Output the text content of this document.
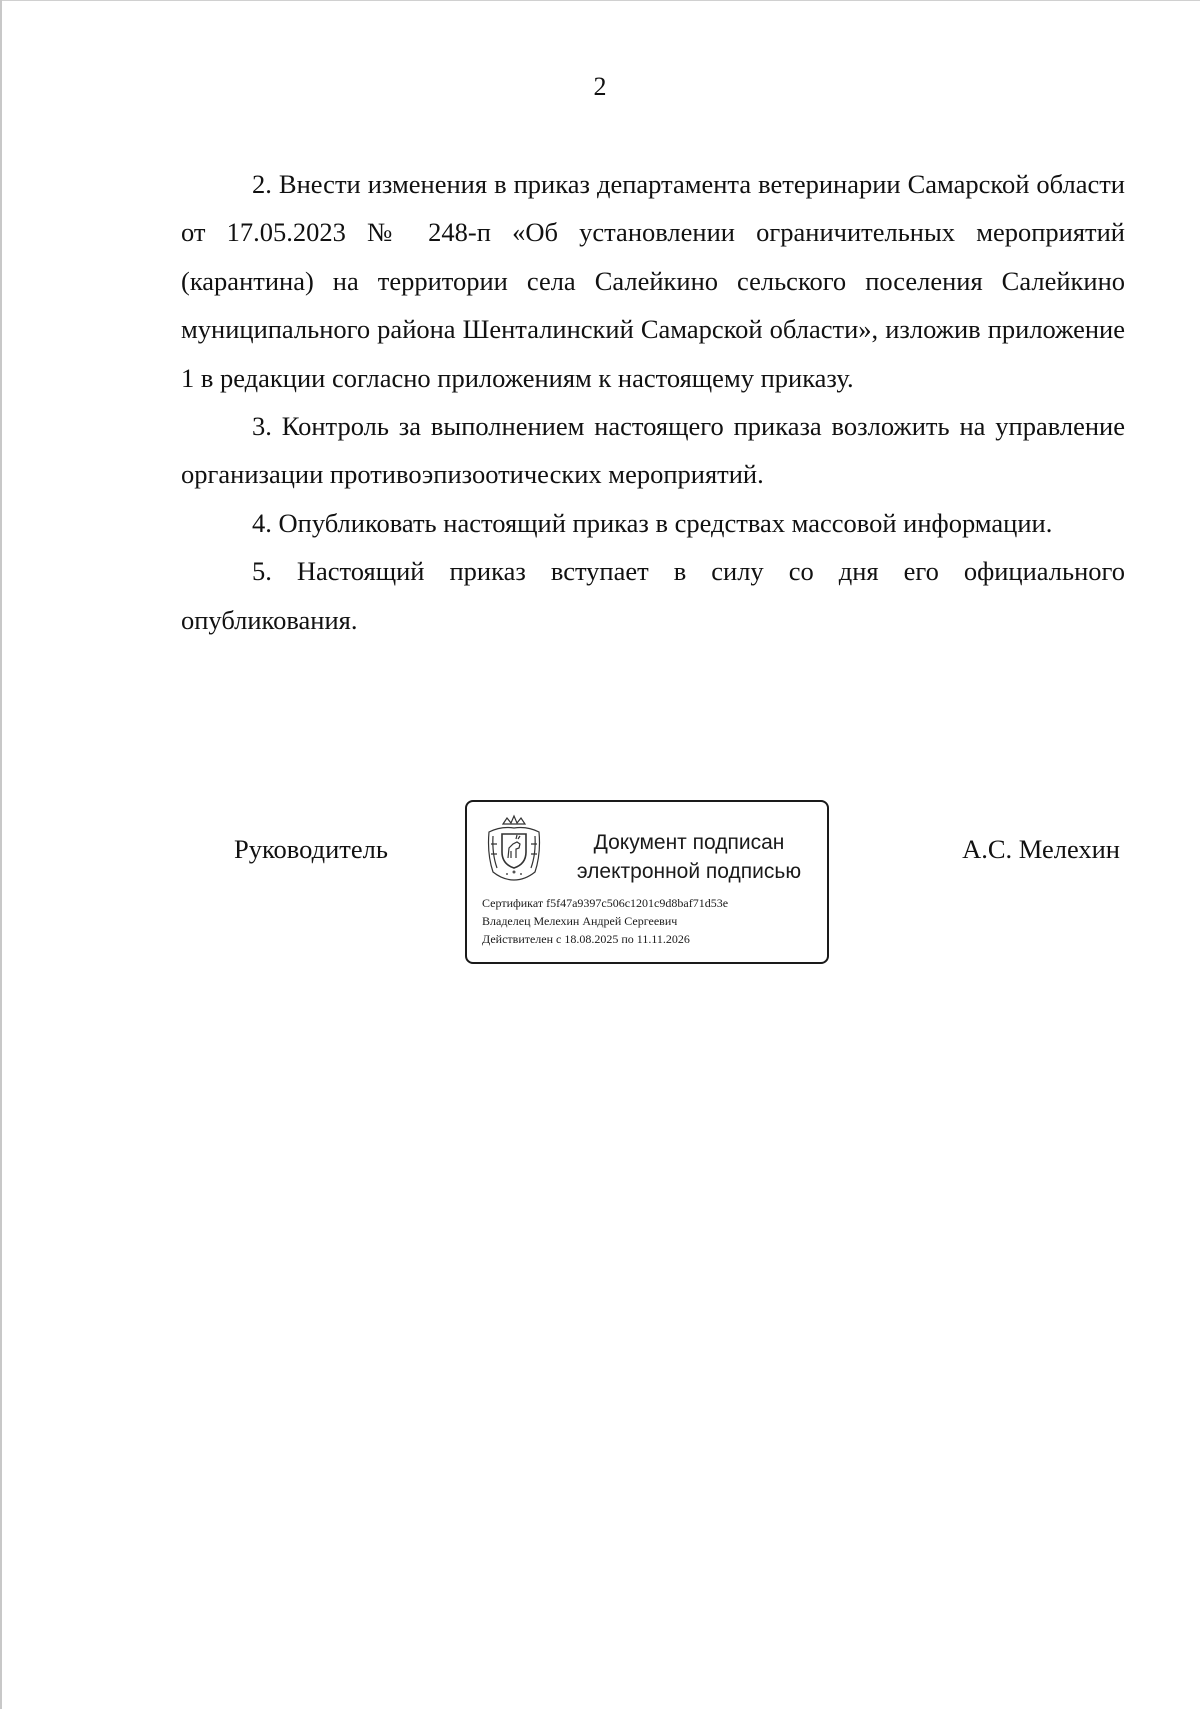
2

2. Внести изменения в приказ департамента ветеринарии Самарской области от 17.05.2023 № 248-п «Об установлении ограничительных мероприятий (карантина) на территории села Салейкино сельского поселения Салейкино муниципального района Шенталинский Самарской области», изложив приложение 1 в редакции согласно приложениям к настоящему приказу.

3. Контроль за выполнением настоящего приказа возложить на управление организации противоэпизоотических мероприятий.

4. Опубликовать настоящий приказ в средствах массовой информации.

5. Настоящий приказ вступает в силу со дня его официального опубликования.

Руководитель	Документ подписан
электронной подписью
Сертификат f5f47a9397c506c1201c9d8baf71d53e
Владелец Мелехин Андрей Сергеевич
Действителен с 18.08.2025 по 11.11.2026
А.С. Мелехин
